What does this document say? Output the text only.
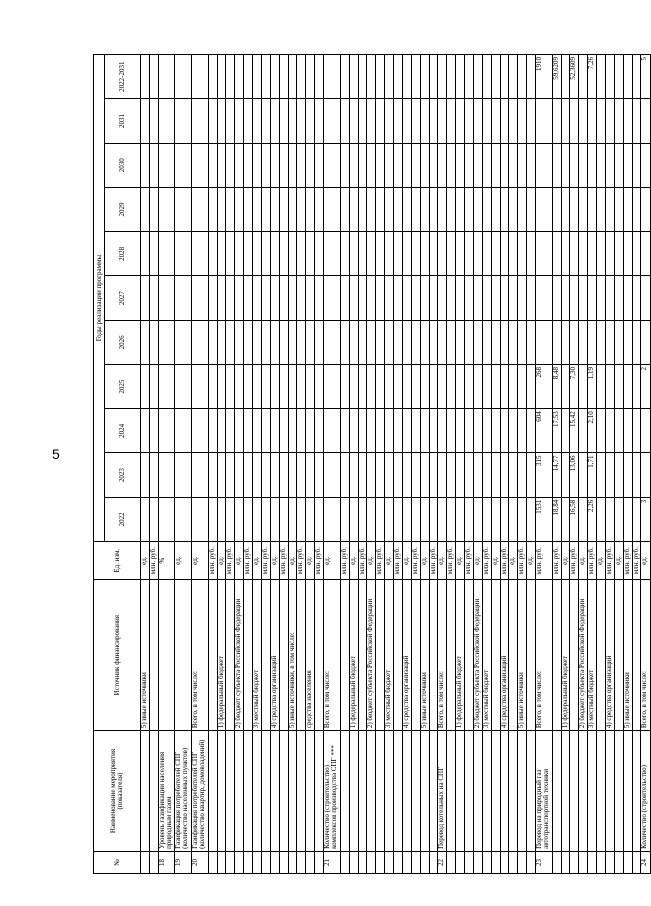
5
№	Наименование мероприятия (показателя)	Источник финансирования	Ед. изм.	Годы реализации программы										
				2022	2023	2024	2025	2026	2027	2028	2029	2030	2031	2022-2031
		5) иные источники	ед.											
			млн. руб.											
18	Уровень газификации населения природным газом		%											
19	Газификация потребителей СПГ (количество населенных пунктов)		ед.											
20	Газификация потребителей СПГ (количество квартир, домовладений)	Всего, в том числе:	ед.											
			млн. руб.											
		1) федеральный бюджет	ед.											
			млн. руб.											
		2) бюджет субъекта Российской Федерации	ед.											
			млн. руб.											
		3) местный бюджет	ед.											
			млн. руб.											
		4) средства организаций	ед.											
			млн. руб.											
		5) иные источники, в том числе:	ед.											
			млн. руб.											
		средства населения	ед.											
			млн. руб.											
21	Количество (строительство) комплексов производства СПГ ***	Всего, в том числе:	ед.											
			млн. руб.											
		1) федеральный бюджет	ед.											
			млн. руб.											
		2) бюджет субъекта Российской Федерации	ед.											
			млн. руб.											
		3) местный бюджет	ед.											
			млн. руб.											
		4) средства организаций	ед.											
			млн. руб.											
		5) иные источники	ед.											
			млн. руб.											
22	Перевод котельных на СПГ	Всего, в том числе:	ед.											
			млн. руб.											
		1) федеральный бюджет	ед.											
			млн. руб.											
		2) бюджет субъекта Российской Федерации	ед.											
		3) местный бюджет	млн. руб.											
			ед.											
		4) средства организаций	млн. руб.											
			ед.											
		5) иные источники	млн. руб.											
			ед.											
23	Перевод на природный газ автотранспортной техники	Всего, в том числе:	млн. руб.	1531	315	604	268							1910
			млн. руб.	18,84	14,77	17,53	8,48							59,6209
		1) федеральный бюджет	ед.											
			млн. руб.	16,58	13,06	15,42	7,30							52,3609
		2) бюджет субъекта Российской Федерации	ед.											
		3) местный бюджет	млн. руб.	2,26	1,71	2,10	1,19							7,26
			ед.											
		4) средства организаций	млн. руб.											
			ед.											
		5) иные источники	млн. руб.											
			млн. руб.											
24	Количество (строительство)	Всего, в том числе:	ед.	3			2							5
